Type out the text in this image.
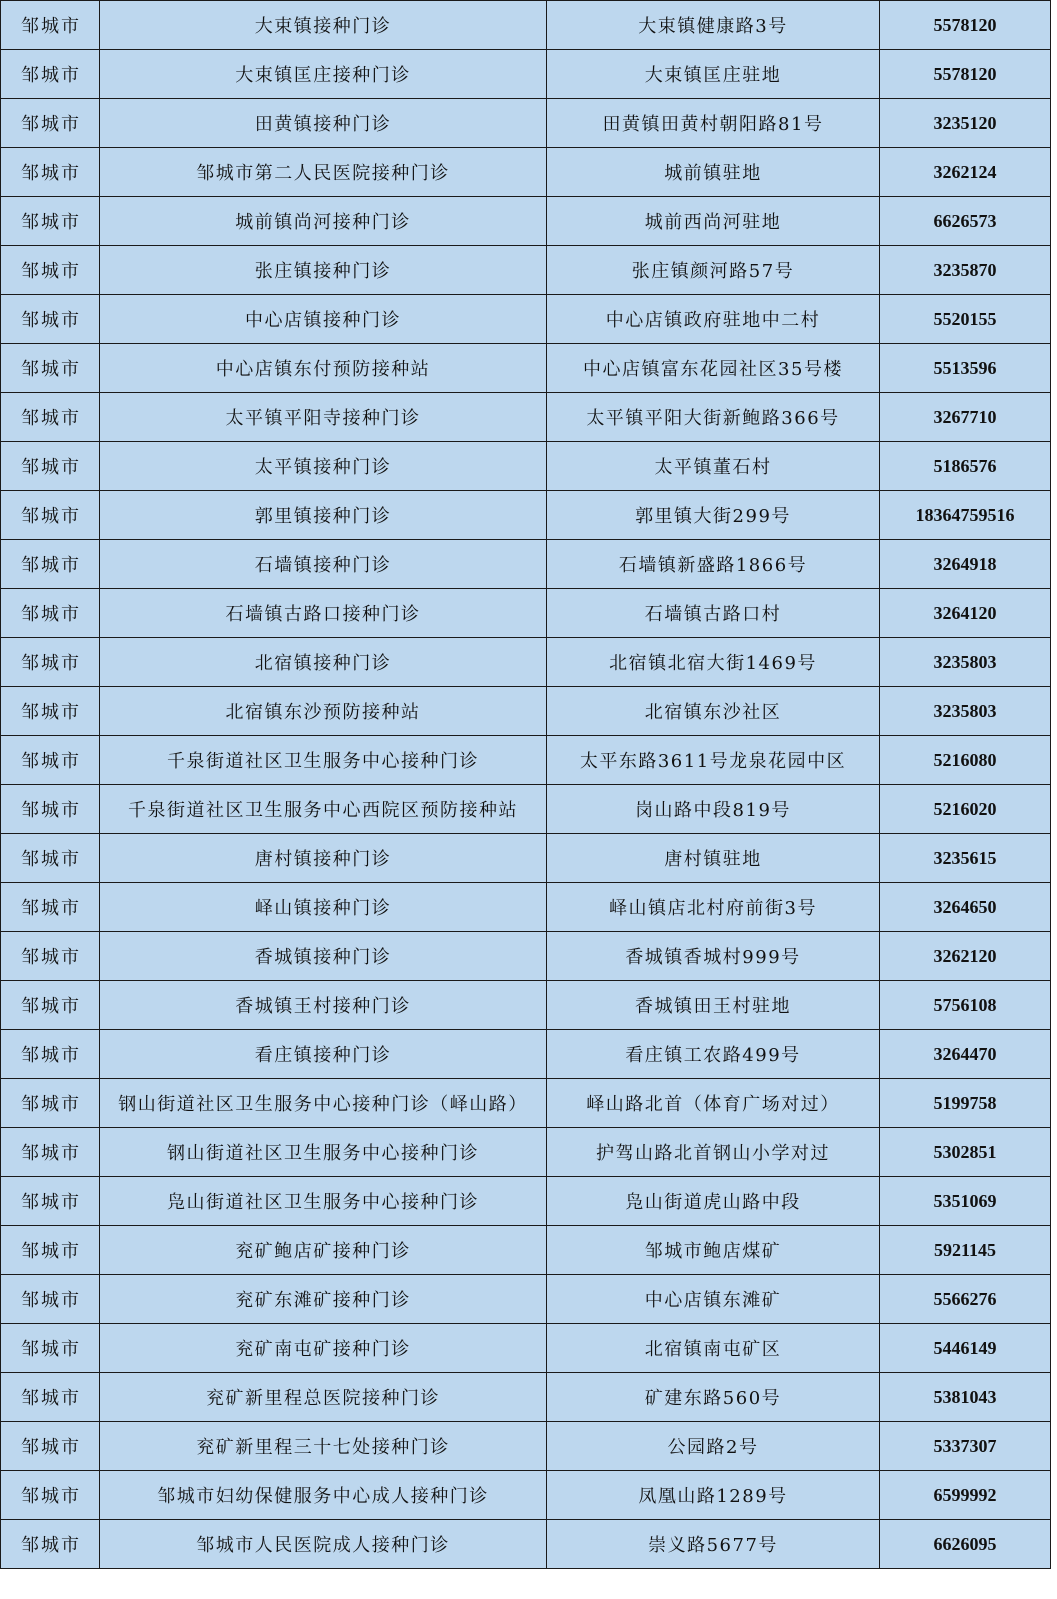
邹城市	大束镇接种门诊	大束镇健康路3号	5578120
邹城市	大束镇匡庄接种门诊	大束镇匡庄驻地	5578120
邹城市	田黄镇接种门诊	田黄镇田黄村朝阳路81号	3235120
邹城市	邹城市第二人民医院接种门诊	城前镇驻地	3262124
邹城市	城前镇尚河接种门诊	城前西尚河驻地	6626573
邹城市	张庄镇接种门诊	张庄镇颜河路57号	3235870
邹城市	中心店镇接种门诊	中心店镇政府驻地中二村	5520155
邹城市	中心店镇东付预防接种站	中心店镇富东花园社区35号楼	5513596
邹城市	太平镇平阳寺接种门诊	太平镇平阳大街新鲍路366号	3267710
邹城市	太平镇接种门诊	太平镇董石村	5186576
邹城市	郭里镇接种门诊	郭里镇大街299号	18364759516
邹城市	石墙镇接种门诊	石墙镇新盛路1866号	3264918
邹城市	石墙镇古路口接种门诊	石墙镇古路口村	3264120
邹城市	北宿镇接种门诊	北宿镇北宿大街1469号	3235803
邹城市	北宿镇东沙预防接种站	北宿镇东沙社区	3235803
邹城市	千泉街道社区卫生服务中心接种门诊	太平东路3611号龙泉花园中区	5216080
邹城市	千泉街道社区卫生服务中心西院区预防接种站	岗山路中段819号	5216020
邹城市	唐村镇接种门诊	唐村镇驻地	3235615
邹城市	峄山镇接种门诊	峄山镇店北村府前街3号	3264650
邹城市	香城镇接种门诊	香城镇香城村999号	3262120
邹城市	香城镇王村接种门诊	香城镇田王村驻地	5756108
邹城市	看庄镇接种门诊	看庄镇工农路499号	3264470
邹城市	钢山街道社区卫生服务中心接种门诊（峄山路）	峄山路北首（体育广场对过）	5199758
邹城市	钢山街道社区卫生服务中心接种门诊	护驾山路北首钢山小学对过	5302851
邹城市	凫山街道社区卫生服务中心接种门诊	凫山街道虎山路中段	5351069
邹城市	兖矿鲍店矿接种门诊	邹城市鲍店煤矿	5921145
邹城市	兖矿东滩矿接种门诊	中心店镇东滩矿	5566276
邹城市	兖矿南屯矿接种门诊	北宿镇南屯矿区	5446149
邹城市	兖矿新里程总医院接种门诊	矿建东路560号	5381043
邹城市	兖矿新里程三十七处接种门诊	公园路2号	5337307
邹城市	邹城市妇幼保健服务中心成人接种门诊	凤凰山路1289号	6599992
邹城市	邹城市人民医院成人接种门诊	崇义路5677号	6626095
